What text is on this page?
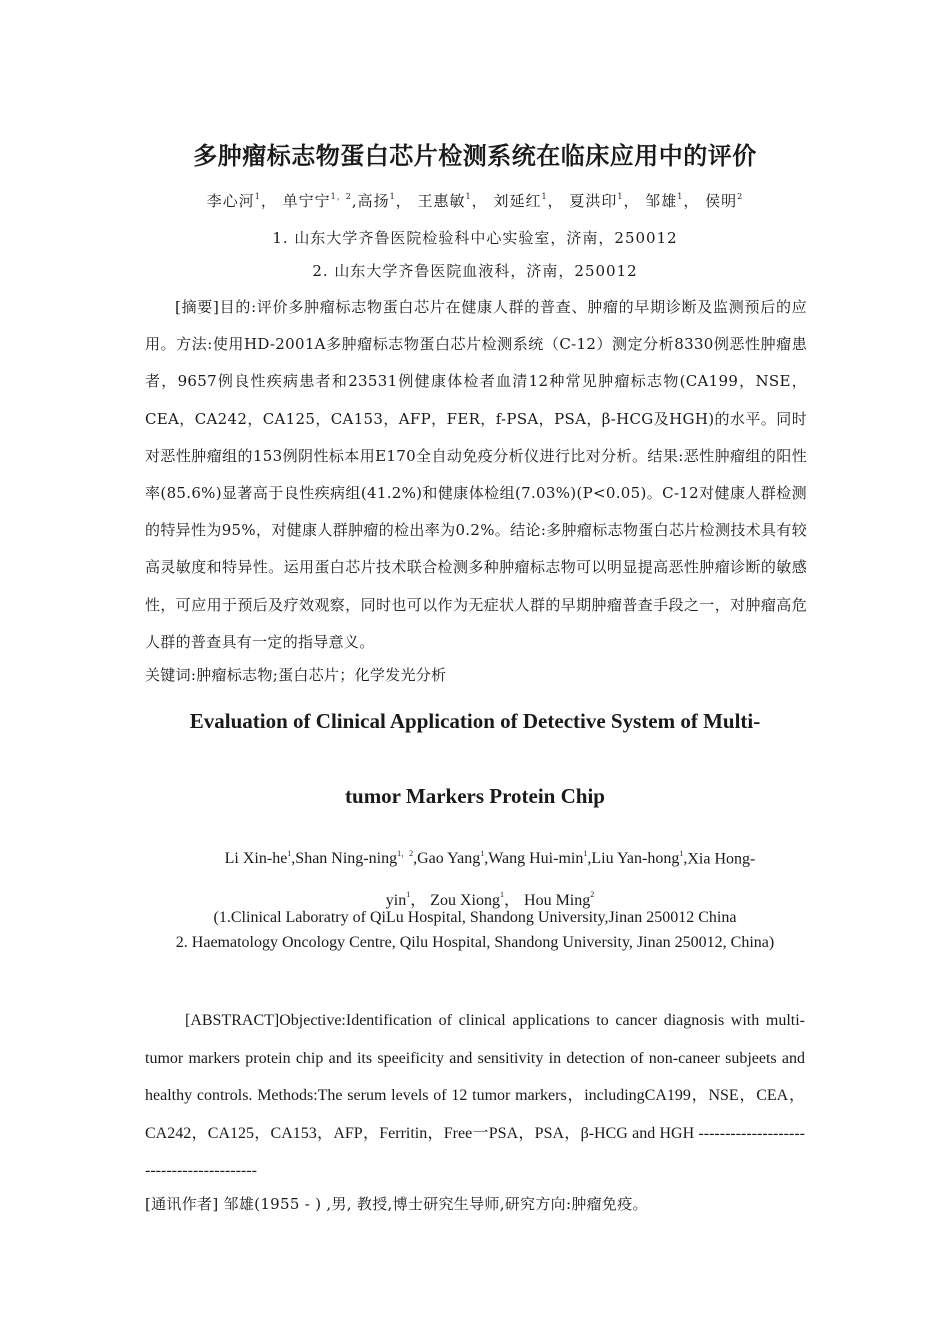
多肿瘤标志物蛋白芯片检测系统在临床应用中的评价
李心河$^1$， 单宁宁$^{1,2}$,高扬$^1$， 王惠敏$^1$， 刘延红$^1$， 夏洪印$^1$， 邹雄$^1$， 侯明$^2$
1. 山东大学齐鲁医院检验科中心实验室，济南，250012
2. 山东大学齐鲁医院血液科，济南，250012
[摘要]目的:评价多肿瘤标志物蛋白芯片在健康人群的普查、肿瘤的早期诊断及监测预后的应用。方法:使用HD-2001A多肿瘤标志物蛋白芯片检测系统（C-12）测定分析8330例恶性肿瘤患者，9657例良性疾病患者和23531例健康体检者血清12种常见肿瘤标志物(CA199，NSE，CEA，CA242，CA125，CA153，AFP，FER，f-PSA，PSA，β-HCG及HGH)的水平。同时对恶性肿瘤组的153例阴性标本用E170全自动免疫分析仪进行比对分析。结果:恶性肿瘤组的阳性率(85.6%)显著高于良性疾病组(41.2%)和健康体检组(7.03%)(P<0.05)。C-12对健康人群检测的特异性为95%，对健康人群肿瘤的检出率为0.2%。结论:多肿瘤标志物蛋白芯片检测技术具有较高灵敏度和特异性。运用蛋白芯片技术联合检测多种肿瘤标志物可以明显提高恶性肿瘤诊断的敏感性，可应用于预后及疗效观察，同时也可以作为无症状人群的早期肿瘤普查手段之一，对肿瘤高危人群的普查具有一定的指导意义。
关键词:肿瘤标志物;蛋白芯片；化学发光分析
Evaluation of Clinical Application of Detective System of Multi-
tumor Markers Protein Chip
Li Xin-$he^1,Shan$ Ning-ning$^{1,2}$,Gao Yang$^1$,Wang Hui-$\min^1,Liu$ Yan-hong$^1$,Xia Hong-
yin$^1$， Zou Xiong$^1$， Hou Ming$^2$
(1.Clinical Laboratry of QiLu Hospital, Shandong University,Jinan 250012 China
2. Haematology Oncology Centre, Qilu Hospital, Shandong University, Jinan 250012, China)
[ABSTRACT]Objective:Identification of clinical applications to cancer diagnosis with multi-tumor markers protein chip and its speeificity and sensitivity in detection of non-caneer subjeets and healthy controls. Methods:The serum levels of 12 tumor markers，includingCA199，NSE，CEA，CA242，CA125，CA153，AFP，Ferritin，Free一PSA，PSA，β-HCG and HGH -----------------------------------------
[通讯作者] 邹雄(1955 - ) ,男, 教授,博士研究生导师,研究方向:肿瘤免疫。
